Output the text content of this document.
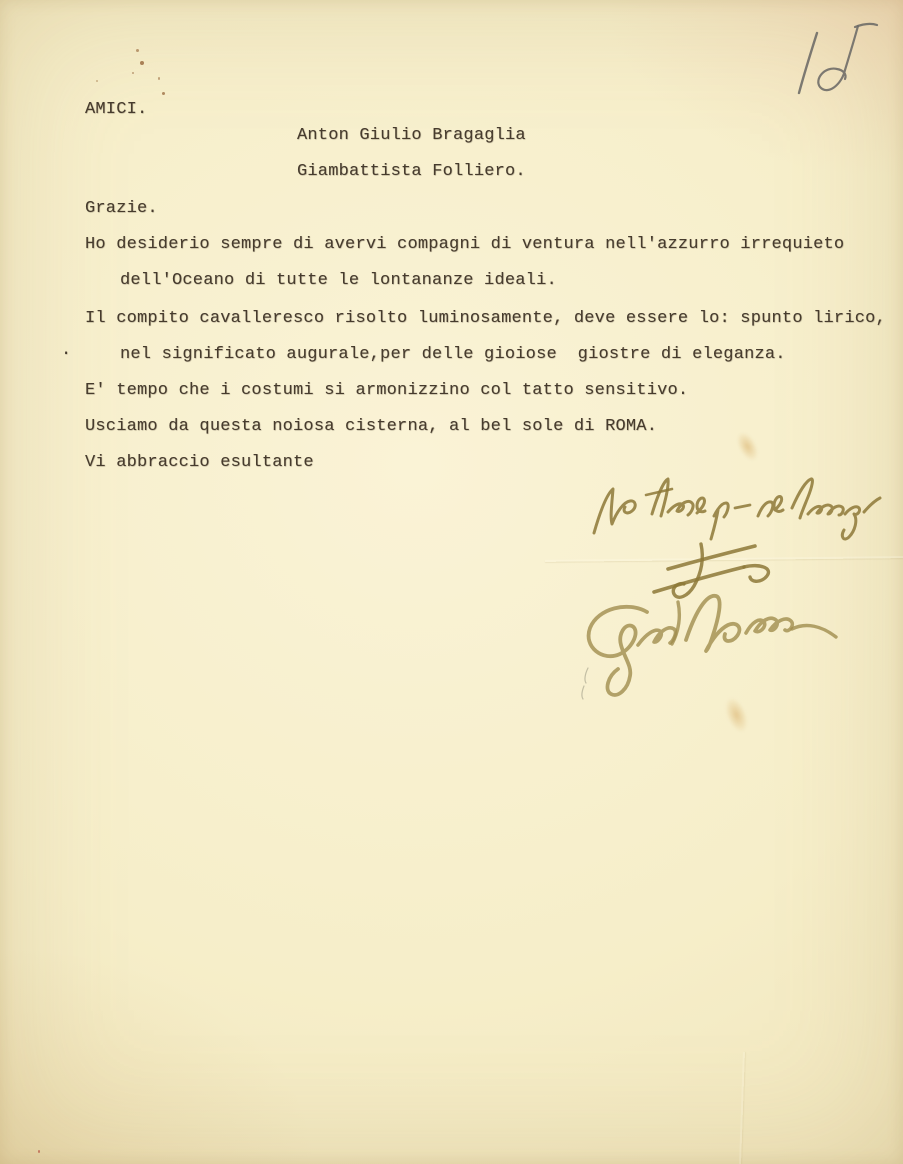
AMICI.
Anton Giulio Bragaglia
Giambattista Folliero.
Grazie.
Ho desiderio sempre di avervi compagni di ventura nell'azzurro irrequieto
dell'Oceano di tutte le lontananze ideali.
Il compito cavalleresco risolto luminosamente, deve essere lo: spunto lirico,
nel significato augurale,per delle gioiose  giostre di eleganza.
E' tempo che i costumi si armonizzino col tatto sensitivo.
Usciamo da questa noiosa cisterna, al bel sole di ROMA.
Vi abbraccio esultante
.
